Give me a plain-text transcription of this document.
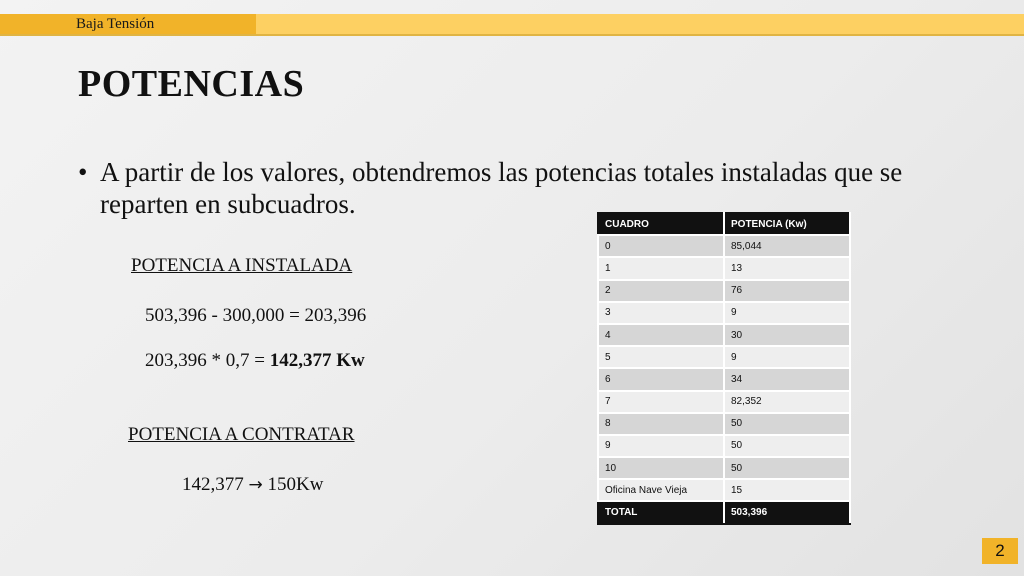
Baja Tensión
POTENCIAS
• A partir de los valores, obtendremos las potencias totales instaladas que se reparten en subcuadros.
POTENCIA A INSTALADA
503,396 - 300,000 = 203,396
203,396 * 0,7 = 142,377 Kw
POTENCIA A CONTRATAR
142,377 → 150Kw
CUADRO	POTENCIA (Kw)
0	85,044
1	13
2	76
3	9
4	30
5	9
6	34
7	82,352
8	50
9	50
10	50
Oficina Nave Vieja	15
TOTAL	503,396
2
